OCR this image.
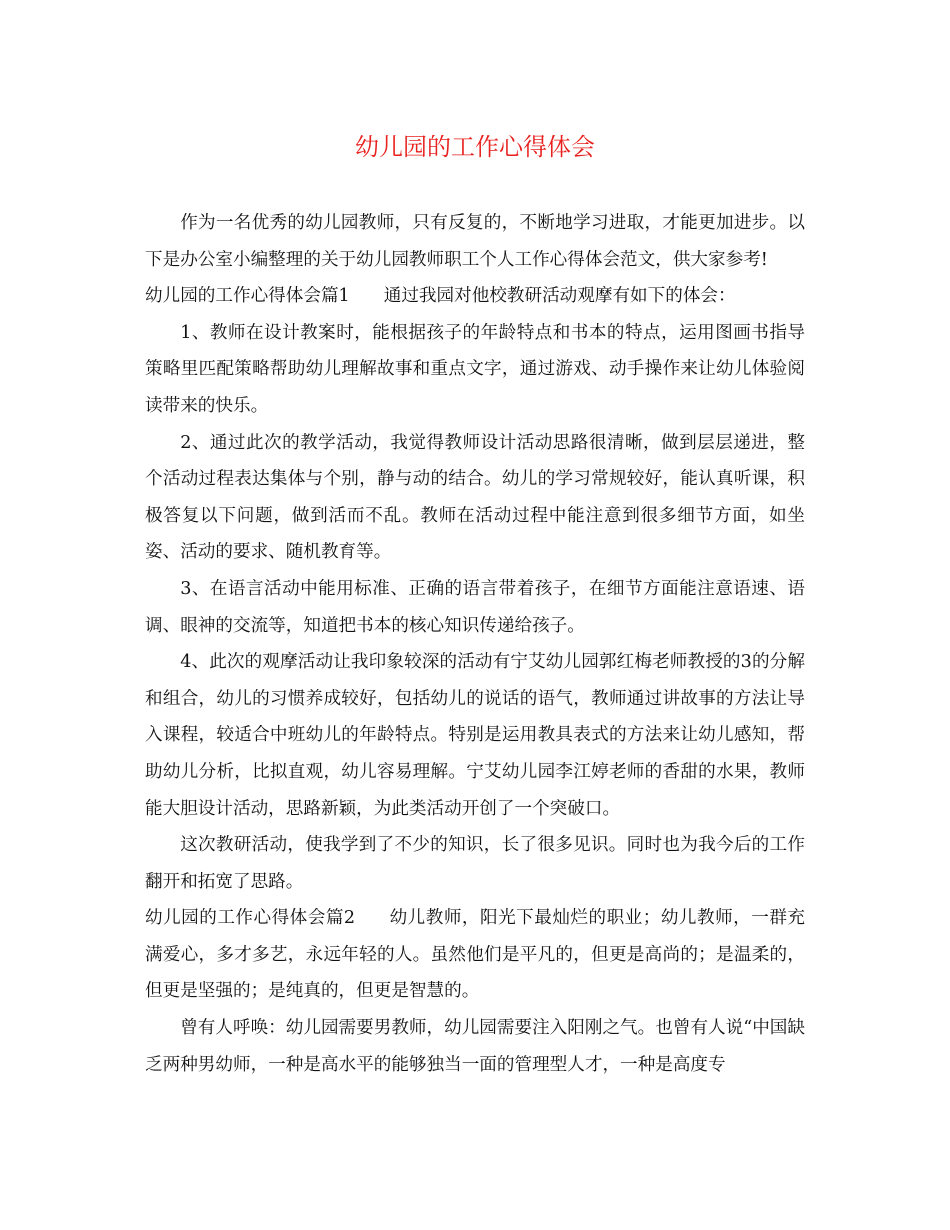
幼儿园的工作心得体会

作为一名优秀的幼儿园教师，只有反复的，不断地学习进取，才能更加进步。以下是办公室小编整理的关于幼儿园教师职工个人工作心得体会范文，供大家参考!

幼儿园的工作心得体会篇1 通过我园对他校教研活动观摩有如下的体会：

1、教师在设计教案时，能根据孩子的年龄特点和书本的特点，运用图画书指导策略里匹配策略帮助幼儿理解故事和重点文字，通过游戏、动手操作来让幼儿体验阅读带来的快乐。

2、通过此次的教学活动，我觉得教师设计活动思路很清晰，做到层层递进，整个活动过程表达集体与个别，静与动的结合。幼儿的学习常规较好，能认真听课，积极答复以下问题，做到活而不乱。教师在活动过程中能注意到很多细节方面，如坐姿、活动的要求、随机教育等。

3、在语言活动中能用标准、正确的语言带着孩子，在细节方面能注意语速、语调、眼神的交流等，知道把书本的核心知识传递给孩子。

4、此次的观摩活动让我印象较深的活动有宁艾幼儿园郭红梅老师教授的3的分解和组合，幼儿的习惯养成较好，包括幼儿的说话的语气，教师通过讲故事的方法让导入课程，较适合中班幼儿的年龄特点。特别是运用教具表式的方法来让幼儿感知，帮助幼儿分析，比拟直观，幼儿容易理解。宁艾幼儿园李江婷老师的香甜的水果，教师能大胆设计活动，思路新颖，为此类活动开创了一个突破口。

这次教研活动，使我学到了不少的知识，长了很多见识。同时也为我今后的工作翻开和拓宽了思路。

幼儿园的工作心得体会篇2 幼儿教师，阳光下最灿烂的职业；幼儿教师，一群充满爱心，多才多艺，永远年轻的人。虽然他们是平凡的，但更是高尚的；是温柔的，但更是坚强的；是纯真的，但更是智慧的。

曾有人呼唤：幼儿园需要男教师，幼儿园需要注入阳刚之气。也曾有人说“中国缺乏两种男幼师，一种是高水平的能够独当一面的管理型人才，一种是高度专
